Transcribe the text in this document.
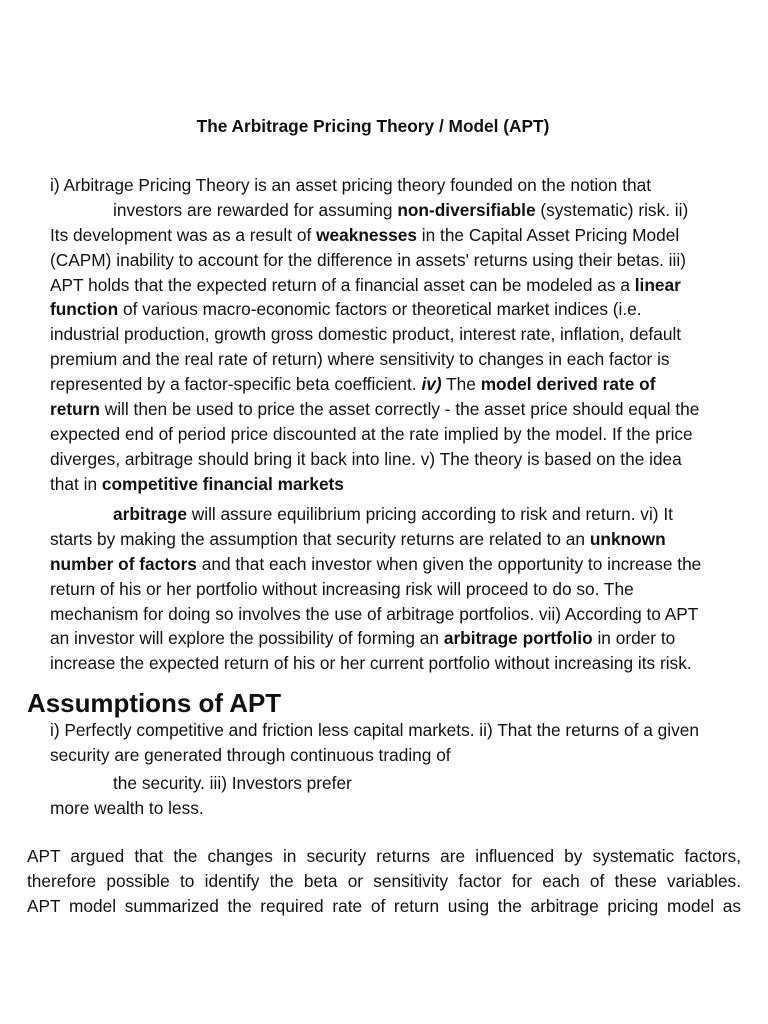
The Arbitrage Pricing Theory / Model (APT)
i) Arbitrage Pricing Theory is an asset pricing theory founded on the notion that
investors are rewarded for assuming non-diversifiable (systematic) risk. ii)
Its development was as a result of weaknesses in the Capital Asset Pricing Model
(CAPM) inability to account for the difference in assets' returns using their betas. iii)
APT holds that the expected return of a financial asset can be modeled as a linear
function of various macro-economic factors or theoretical market indices (i.e.
industrial production, growth gross domestic product, interest rate, inflation, default
premium and the real rate of return) where sensitivity to changes in each factor is
represented by a factor-specific beta coefficient. iv) The model derived rate of
return will then be used to price the asset correctly - the asset price should equal the
expected end of period price discounted at the rate implied by the model. If the price
diverges, arbitrage should bring it back into line. v) The theory is based on the idea
that in competitive financial markets
arbitrage will assure equilibrium pricing according to risk and return. vi) It
starts by making the assumption that security returns are related to an unknown
number of factors and that each investor when given the opportunity to increase the
return of his or her portfolio without increasing risk will proceed to do so. The
mechanism for doing so involves the use of arbitrage portfolios. vii) According to APT
an investor will explore the possibility of forming an arbitrage portfolio in order to
increase the expected return of his or her current portfolio without increasing its risk.
Assumptions of APT
i) Perfectly competitive and friction less capital markets. ii) That the returns of a given
security are generated through continuous trading of
the security. iii) Investors prefer
more wealth to less.
APT argued that the changes in security returns are influenced by systematic factors,
therefore possible to identify the beta or sensitivity factor for each of these variables.
APT model summarized the required rate of return using the arbitrage pricing model as
